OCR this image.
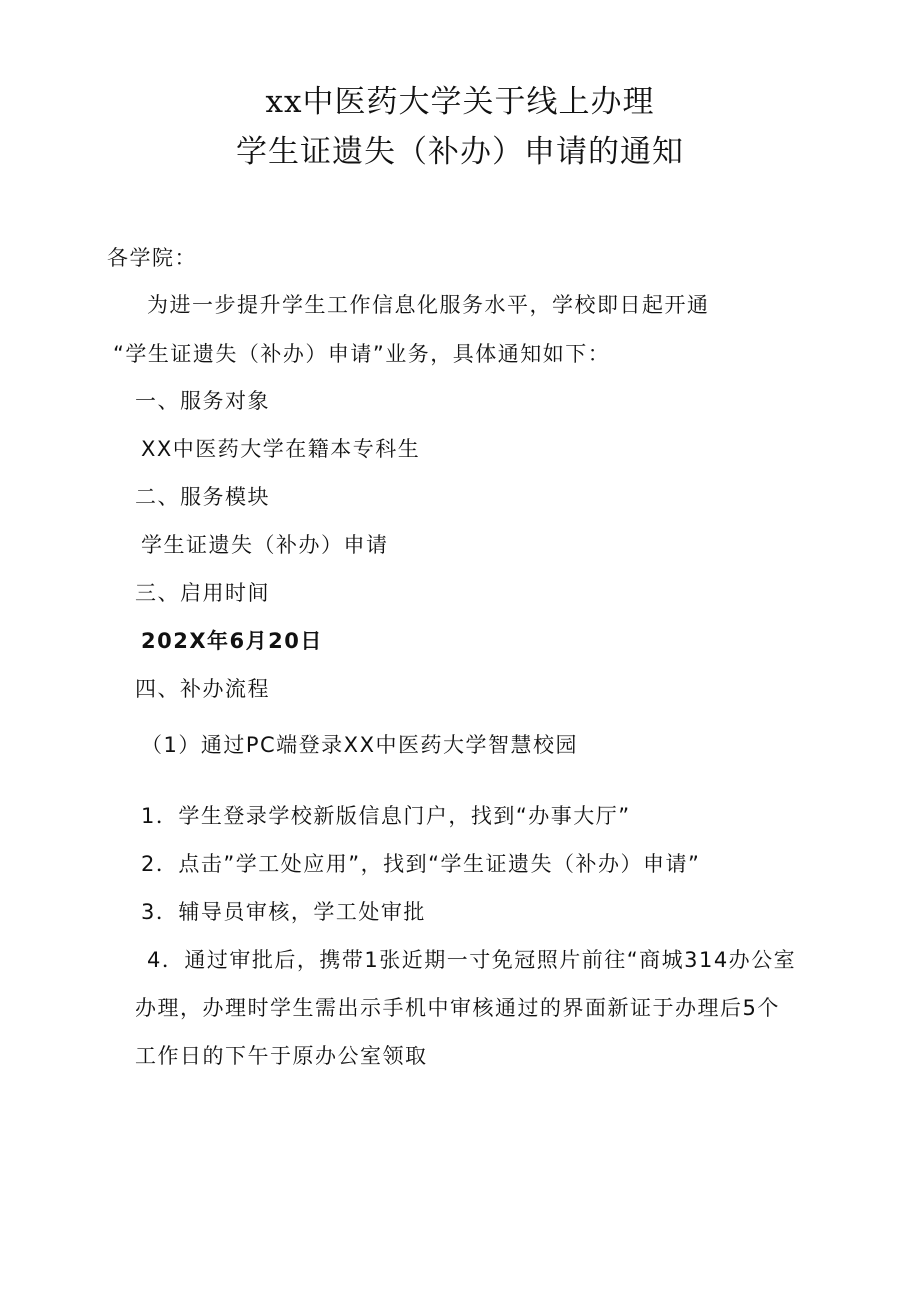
xx中医药大学关于线上办理
学生证遗失（补办）申请的通知
各学院：
为进一步提升学生工作信息化服务水平，学校即日起开通
“学生证遗失（补办）申请”业务，具体通知如下：
一、服务对象
XX中医药大学在籍本专科生
二、服务模块
学生证遗失（补办）申请
三、启用时间
202X年6月20日
四、补办流程
（1）通过PC端登录XX中医药大学智慧校园
1．学生登录学校新版信息门户，找到“办事大厅”
2．点击”学工处应用”，找到“学生证遗失（补办）申请”
3．辅导员审核，学工处审批
4．通过审批后，携带1张近期一寸免冠照片前往“商城314办公室
办理，办理时学生需出示手机中审核通过的界面新证于办理后5个
工作日的下午于原办公室领取
